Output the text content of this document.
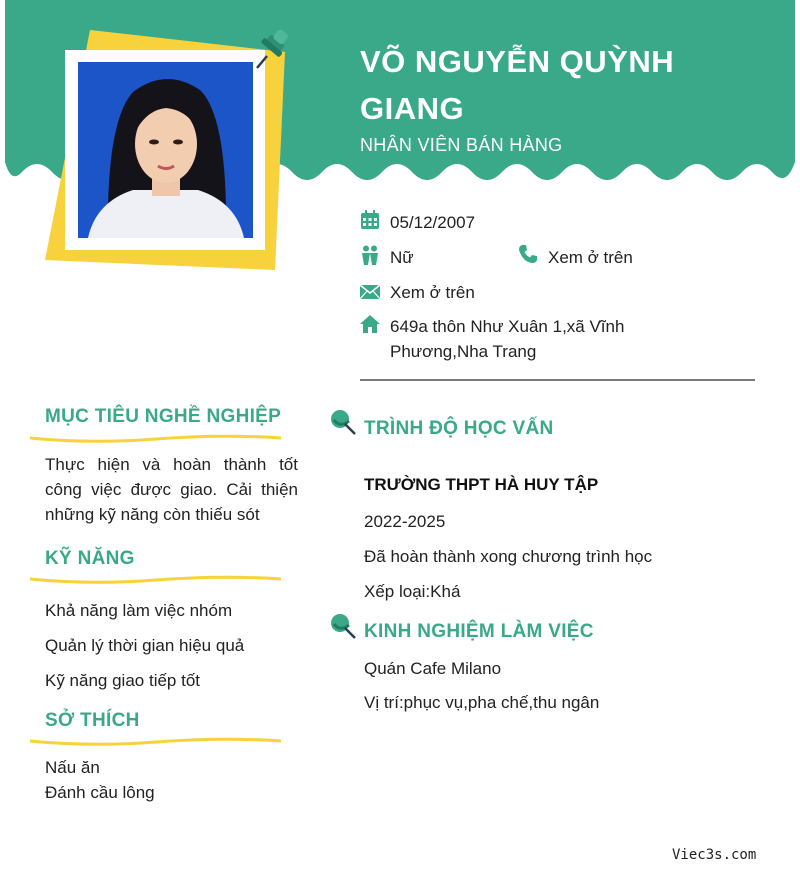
VÕ NGUYỄN QUỲNH GIANG
NHÂN VIÊN BÁN HÀNG
05/12/2007
Nữ	Xem ở trên
Xem ở trên
649a thôn Như Xuân 1,xã Vĩnh Phương,Nha Trang
MỤC TIÊU NGHỀ NGHIỆP
Thực hiện và hoàn thành tốt công việc được giao. Cải thiện những kỹ năng còn thiếu sót
KỸ NĂNG
Khả năng làm việc nhóm
Quản lý thời gian hiệu quả
Kỹ năng giao tiếp tốt
SỞ THÍCH
Nấu ăn
Đánh cầu lông
TRÌNH ĐỘ HỌC VẤN
TRƯỜNG THPT HÀ HUY TẬP
2022-2025
Đã hoàn thành xong chương trình học
Xếp loại:Khá
KINH NGHIỆM LÀM VIỆC
Quán Cafe Milano
Vị trí:phục vụ,pha chế,thu ngân
Viec3s.com
